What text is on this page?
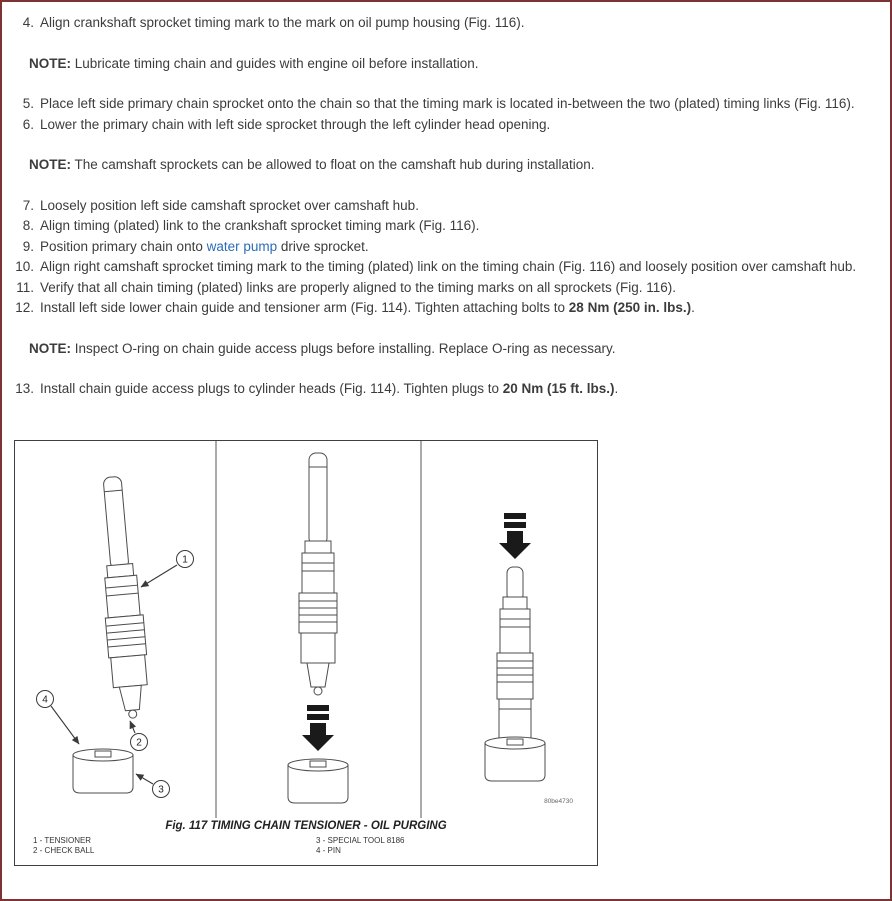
4. Align crankshaft sprocket timing mark to the mark on oil pump housing (Fig. 116).

NOTE: Lubricate timing chain and guides with engine oil before installation.

5. Place left side primary chain sprocket onto the chain so that the timing mark is located in-between the two (plated) timing links (Fig. 116).

6. Lower the primary chain with left side sprocket through the left cylinder head opening.

NOTE: The camshaft sprockets can be allowed to float on the camshaft hub during installation.

7. Loosely position left side camshaft sprocket over camshaft hub.

8. Align timing (plated) link to the crankshaft sprocket timing mark (Fig. 116).

9. Position primary chain onto water pump drive sprocket.

10. Align right camshaft sprocket timing mark to the timing (plated) link on the timing chain (Fig. 116) and loosely position over camshaft hub.

11. Verify that all chain timing (plated) links are properly aligned to the timing marks on all sprockets (Fig. 116).

12. Install left side lower chain guide and tensioner arm (Fig. 114). Tighten attaching bolts to 28 Nm (250 in. lbs.).

NOTE: Inspect O-ring on chain guide access plugs before installing. Replace O-ring as necessary.

13. Install chain guide access plugs to cylinder heads (Fig. 114). Tighten plugs to 20 Nm (15 ft. lbs.).

1
2
4
3
80be4730
Fig. 117 TIMING CHAIN TENSIONER - OIL PURGING
1 - TENSIONER
2 - CHECK BALL
3 - SPECIAL TOOL 8186
4 - PIN
